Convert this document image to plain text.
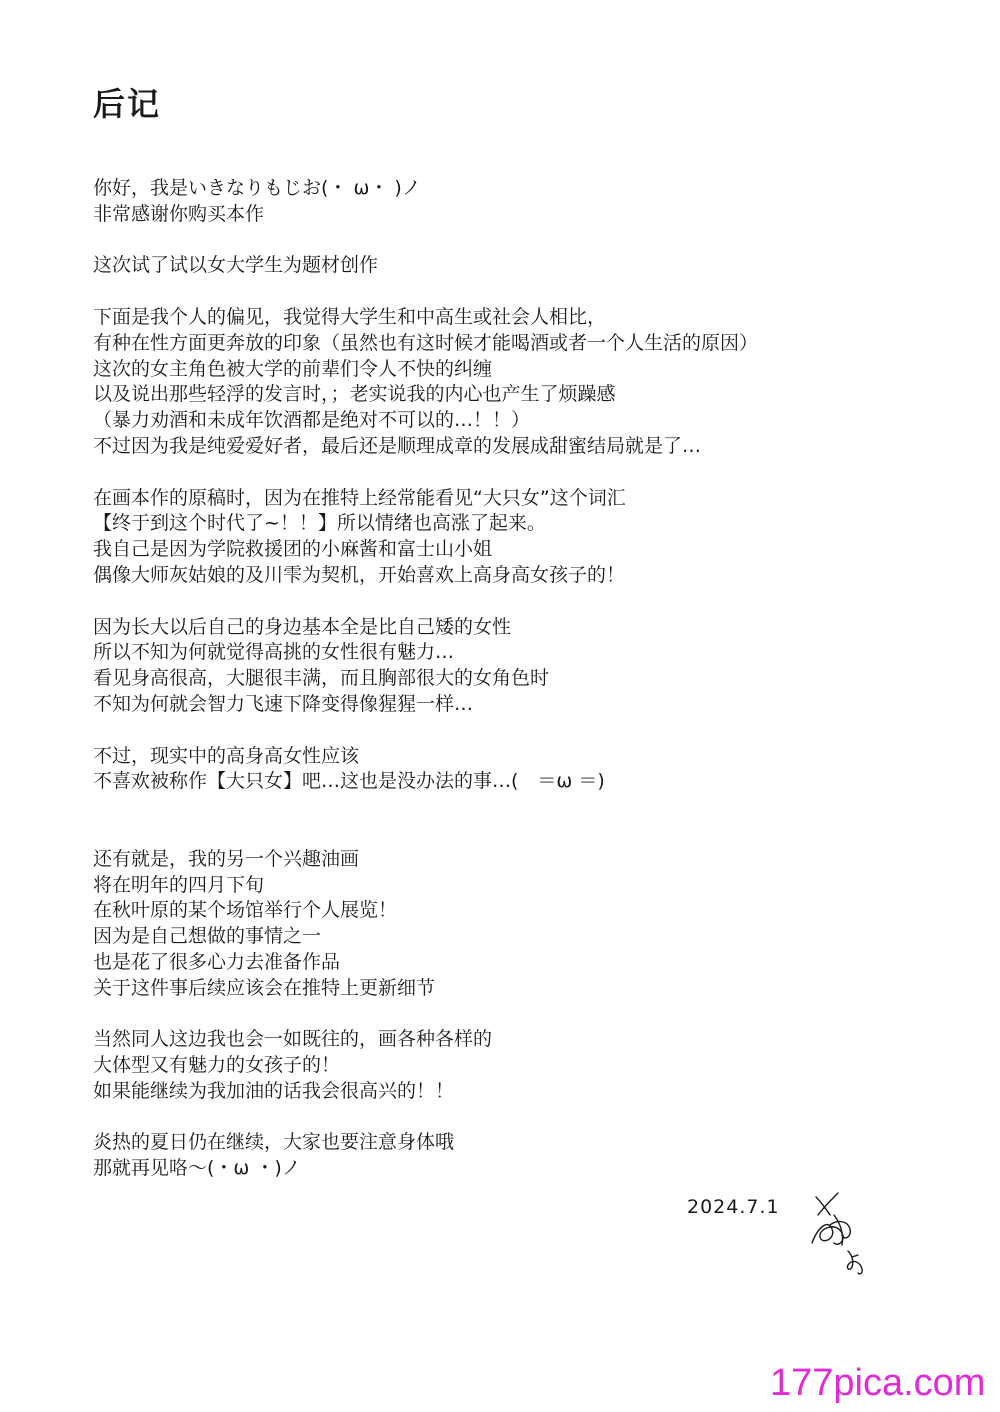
后记
你好，我是いきなりもじお(・ ω・ )ノ
非常感谢你购买本作
这次试了试以女大学生为题材创作
下面是我个人的偏见，我觉得大学生和中高生或社会人相比，
有种在性方面更奔放的印象（虽然也有这时候才能喝酒或者一个人生活的原因）
这次的女主角色被大学的前辈们令人不快的纠缠
以及说出那些轻浮的发言时，；老实说我的内心也产生了烦躁感
（暴力劝酒和未成年饮酒都是绝对不可以的…！！）
不过因为我是纯爱爱好者，最后还是顺理成章的发展成甜蜜结局就是了…
在画本作的原稿时，因为在推特上经常能看见“大只女”这个词汇
【终于到这个时代了~！！】所以情绪也高涨了起来。
我自己是因为学院救援团的小麻酱和富士山小姐
偶像大师灰姑娘的及川雫为契机，开始喜欢上高身高女孩子的！
因为长大以后自己的身边基本全是比自己矮的女性
所以不知为何就觉得高挑的女性很有魅力…
看见身高很高，大腿很丰满，而且胸部很大的女角色时
不知为何就会智力飞速下降变得像猩猩一样…
不过，现实中的高身高女性应该
不喜欢被称作【大只女】吧…这也是没办法的事…(　＝ω ＝)
还有就是，我的另一个兴趣油画
将在明年的四月下旬
在秋叶原的某个场馆举行个人展览！
因为是自己想做的事情之一
也是花了很多心力去准备作品
关于这件事后续应该会在推特上更新细节
当然同人这边我也会一如既往的，画各种各样的
大体型又有魅力的女孩子的！
如果能继续为我加油的话我会很高兴的！！
炎热的夏日仍在继续，大家也要注意身体哦
那就再见咯～(・ω ・)ノ
2024.7.1
177pica.com
